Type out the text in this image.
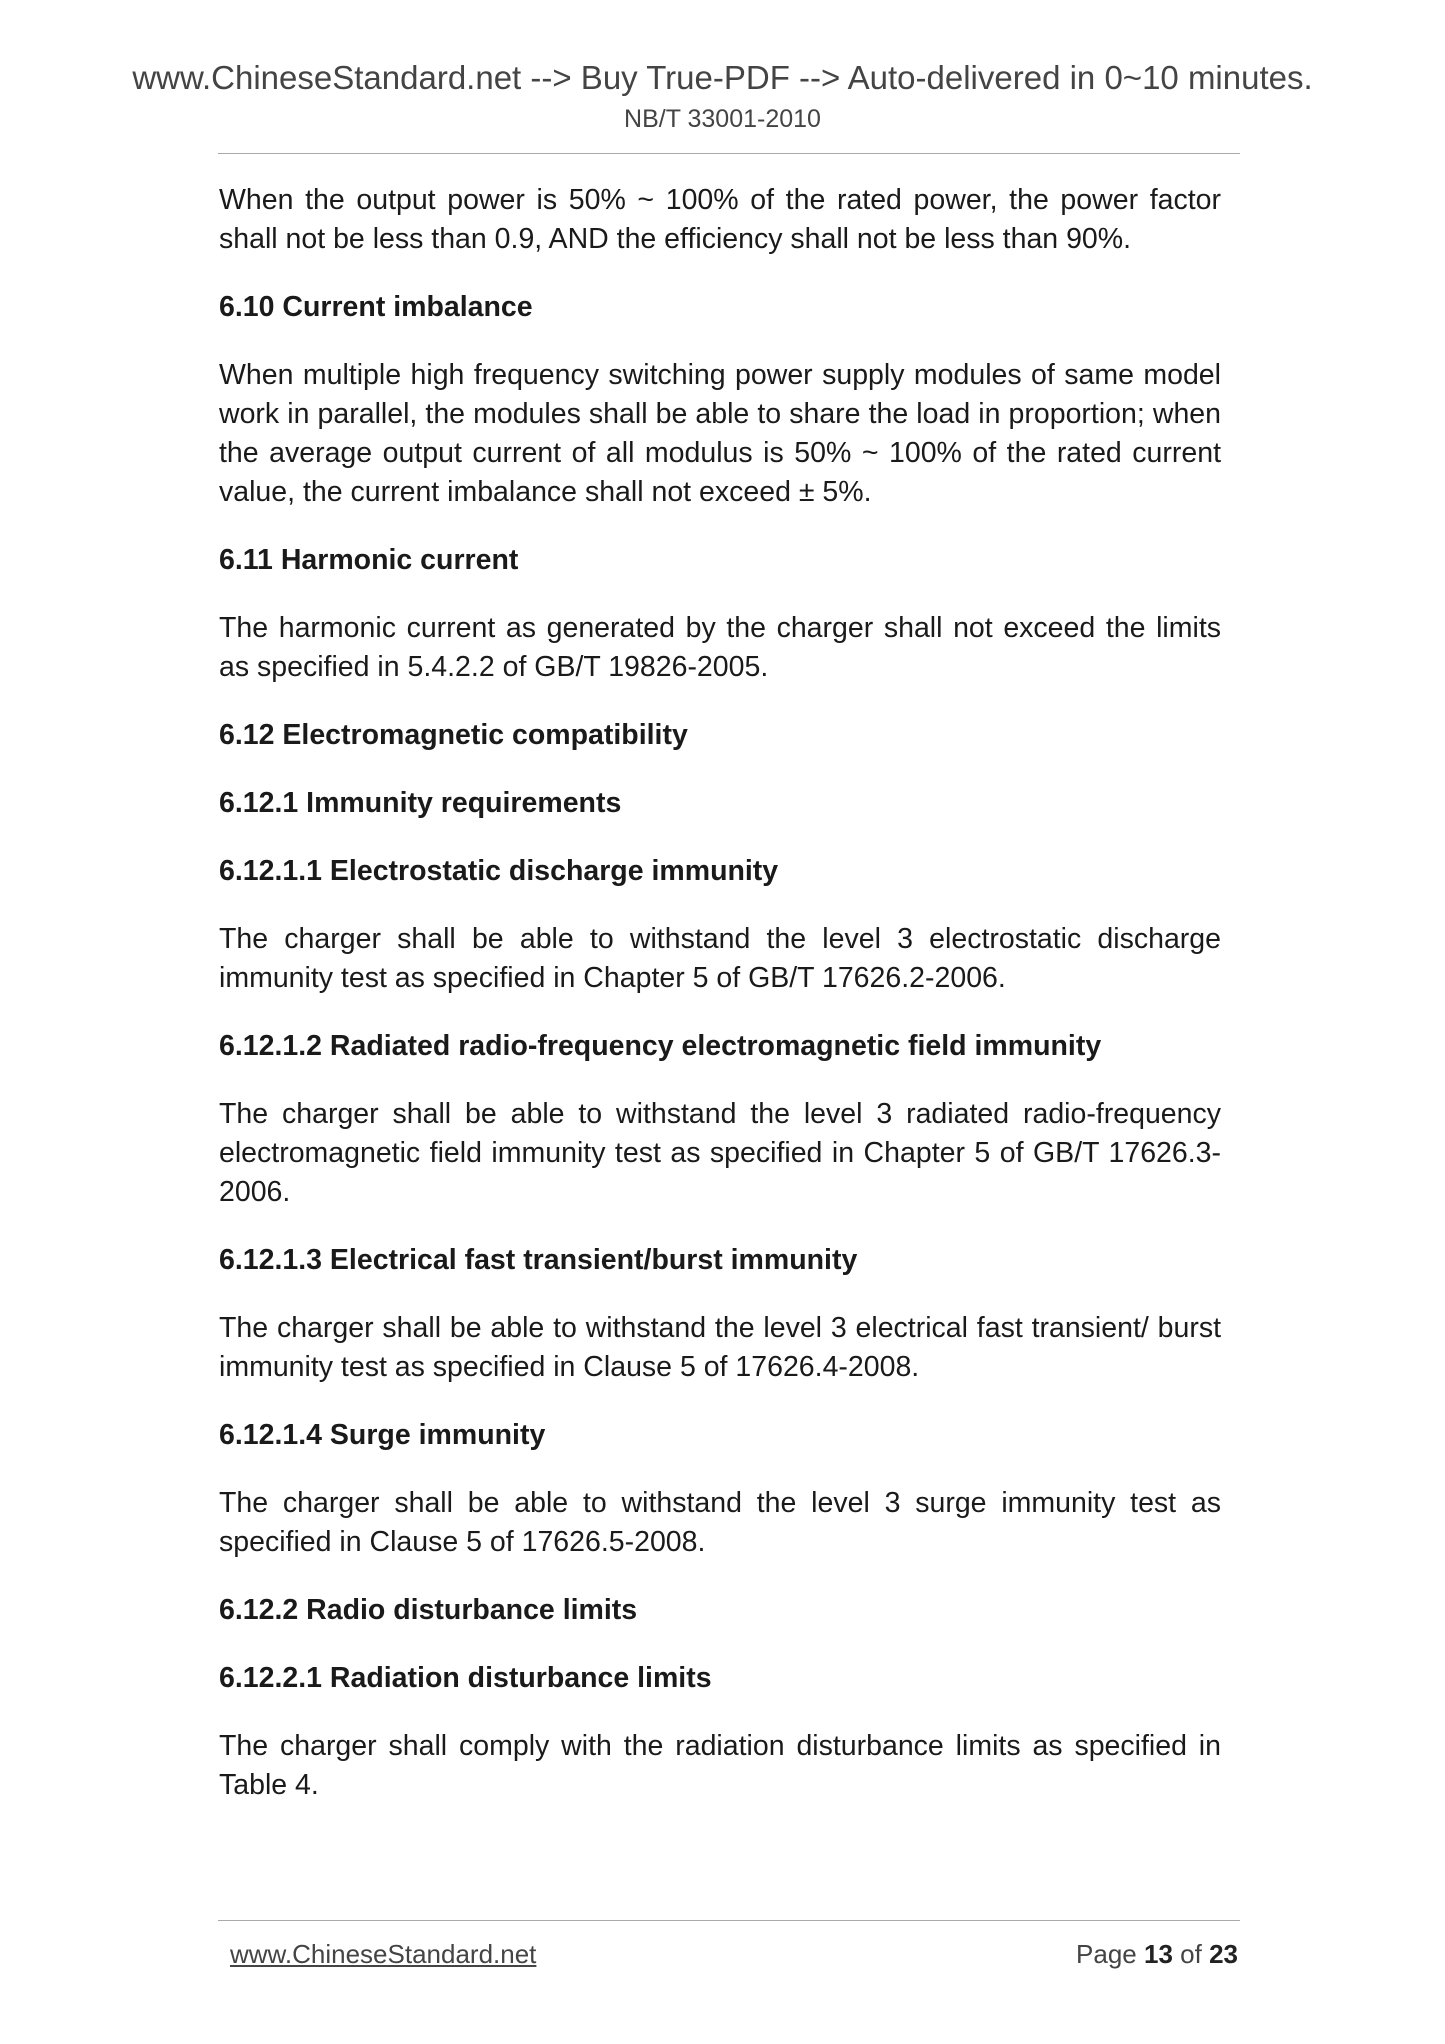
www.ChineseStandard.net --> Buy True-PDF --> Auto-delivered in 0~10 minutes.
NB/T 33001-2010

When the output power is 50% ~ 100% of the rated power, the power factor shall not be less than 0.9, AND the efficiency shall not be less than 90%.

6.10 Current imbalance

When multiple high frequency switching power supply modules of same model work in parallel, the modules shall be able to share the load in proportion; when the average output current of all modulus is 50% ~ 100% of the rated current value, the current imbalance shall not exceed ± 5%.

6.11 Harmonic current

The harmonic current as generated by the charger shall not exceed the limits as specified in 5.4.2.2 of GB/T 19826-2005.

6.12 Electromagnetic compatibility

6.12.1 Immunity requirements

6.12.1.1 Electrostatic discharge immunity

The charger shall be able to withstand the level 3 electrostatic discharge immunity test as specified in Chapter 5 of GB/T 17626.2-2006.

6.12.1.2 Radiated radio-frequency electromagnetic field immunity

The charger shall be able to withstand the level 3 radiated radio-frequency electromagnetic field immunity test as specified in Chapter 5 of GB/T 17626.3-2006.

6.12.1.3 Electrical fast transient/burst immunity

The charger shall be able to withstand the level 3 electrical fast transient/ burst immunity test as specified in Clause 5 of 17626.4-2008.

6.12.1.4 Surge immunity

The charger shall be able to withstand the level 3 surge immunity test as specified in Clause 5 of 17626.5-2008.

6.12.2 Radio disturbance limits

6.12.2.1 Radiation disturbance limits

The charger shall comply with the radiation disturbance limits as specified in Table 4.

www.ChineseStandard.net	Page 13 of 23
